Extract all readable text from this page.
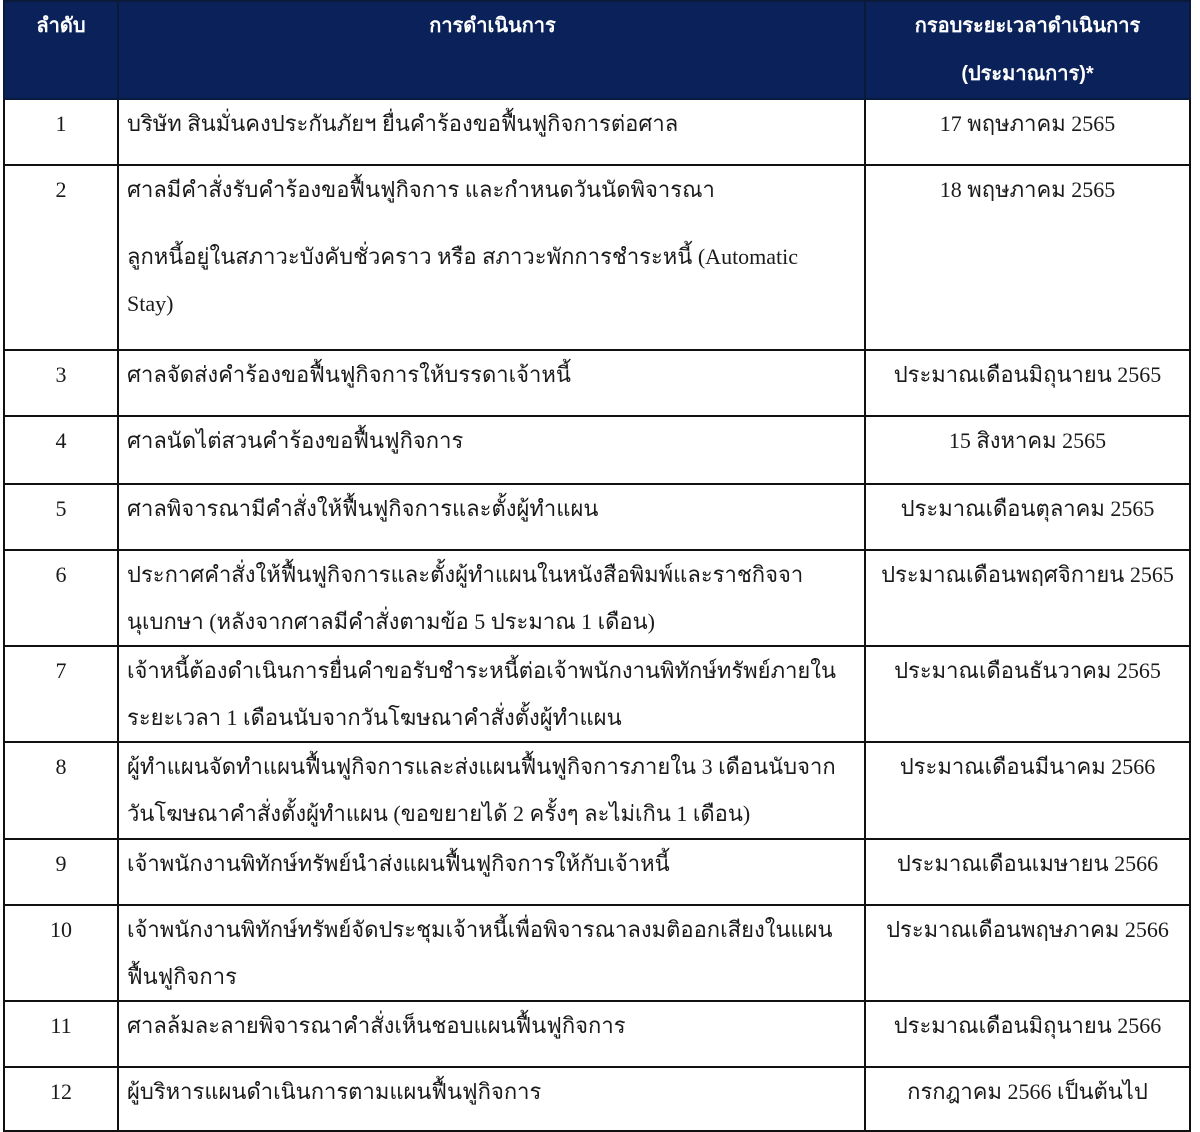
ลำดับ	การดำเนินการ	กรอบระยะเวลาดำเนินการ
(ประมาณการ)*

1	บริษัท สินมั่นคงประกันภัยฯ ยื่นคำร้องขอฟื้นฟูกิจการต่อศาล	17 พฤษภาคม 2565
2	ศาลมีคำสั่งรับคำร้องขอฟื้นฟูกิจการ และกำหนดวันนัดพิจารณา
ลูกหนี้อยู่ในสภาวะบังคับชั่วคราว หรือ สภาวะพักการชำระหนี้ (Automatic
Stay)	18 พฤษภาคม 2565
3	ศาลจัดส่งคำร้องขอฟื้นฟูกิจการให้บรรดาเจ้าหนี้	ประมาณเดือนมิถุนายน 2565
4	ศาลนัดไต่สวนคำร้องขอฟื้นฟูกิจการ	15 สิงหาคม 2565
5	ศาลพิจารณามีคำสั่งให้ฟื้นฟูกิจการและตั้งผู้ทำแผน	ประมาณเดือนตุลาคม 2565
6	ประกาศคำสั่งให้ฟื้นฟูกิจการและตั้งผู้ทำแผนในหนังสือพิมพ์และราชกิจจา
นุเบกษา (หลังจากศาลมีคำสั่งตามข้อ 5 ประมาณ 1 เดือน)	ประมาณเดือนพฤศจิกายน 2565
7	เจ้าหนี้ต้องดำเนินการยื่นคำขอรับชำระหนี้ต่อเจ้าพนักงานพิทักษ์ทรัพย์ภายใน
ระยะเวลา 1 เดือนนับจากวันโฆษณาคำสั่งตั้งผู้ทำแผน	ประมาณเดือนธันวาคม 2565
8	ผู้ทำแผนจัดทำแผนฟื้นฟูกิจการและส่งแผนฟื้นฟูกิจการภายใน 3 เดือนนับจาก
วันโฆษณาคำสั่งตั้งผู้ทำแผน (ขอขยายได้ 2 ครั้งๆ ละไม่เกิน 1 เดือน)	ประมาณเดือนมีนาคม 2566
9	เจ้าพนักงานพิทักษ์ทรัพย์นำส่งแผนฟื้นฟูกิจการให้กับเจ้าหนี้	ประมาณเดือนเมษายน 2566
10	เจ้าพนักงานพิทักษ์ทรัพย์จัดประชุมเจ้าหนี้เพื่อพิจารณาลงมติออกเสียงในแผน
ฟื้นฟูกิจการ	ประมาณเดือนพฤษภาคม 2566
11	ศาลล้มละลายพิจารณาคำสั่งเห็นชอบแผนฟื้นฟูกิจการ	ประมาณเดือนมิถุนายน 2566
12	ผู้บริหารแผนดำเนินการตามแผนฟื้นฟูกิจการ	กรกฎาคม 2566 เป็นต้นไป
